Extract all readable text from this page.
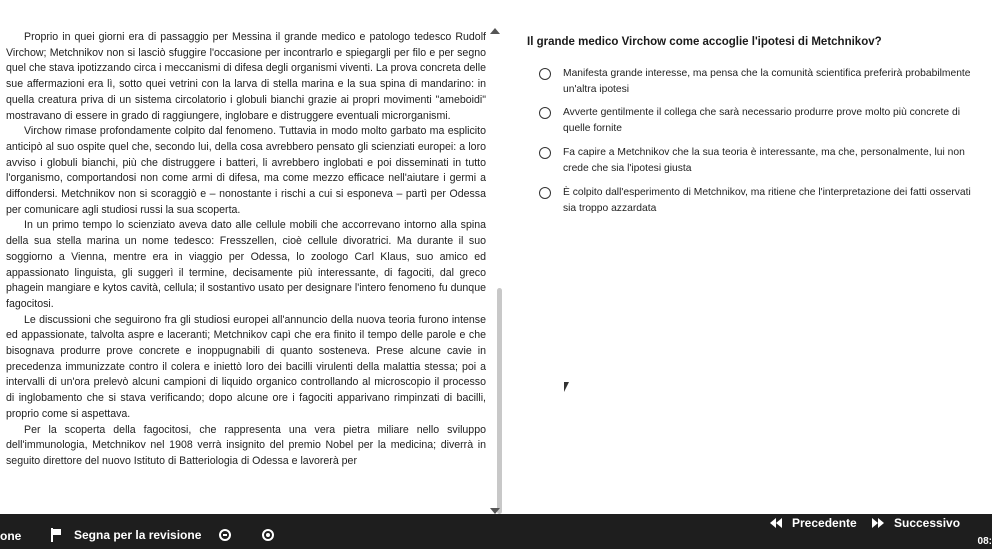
Proprio in quei giorni era di passaggio per Messina il grande medico e patologo tedesco Rudolf Virchow; Metchnikov non si lasciò sfuggire l'occasione per incontrarlo e spiegargli per filo e per segno quel che stava ipotizzando circa i meccanismi di difesa degli organismi viventi. La prova concreta delle sue affermazioni era lì, sotto quei vetrini con la larva di stella marina e la sua spina di mandarino: in quella creatura priva di un sistema circolatorio i globuli bianchi grazie ai propri movimenti "ameboidi" mostravano di essere in grado di raggiungere, inglobare e distruggere eventuali microrganismi.

Virchow rimase profondamente colpito dal fenomeno. Tuttavia in modo molto garbato ma esplicito anticipò al suo ospite quel che, secondo lui, della cosa avrebbero pensato gli scienziati europei: a loro avviso i globuli bianchi, più che distruggere i batteri, li avrebbero inglobati e poi disseminati in tutto l'organismo, comportandosi non come armi di difesa, ma come mezzo efficace nell'aiutare i germi a diffondersi. Metchnikov non si scoraggiò e – nonostante i rischi a cui si esponeva – partì per Odessa per comunicare agli studiosi russi la sua scoperta.

In un primo tempo lo scienziato aveva dato alle cellule mobili che accorrevano intorno alla spina della sua stella marina un nome tedesco: Fresszellen, cioè cellule divoratrici. Ma durante il suo soggiorno a Vienna, mentre era in viaggio per Odessa, lo zoologo Carl Klaus, suo amico ed appassionato linguista, gli suggerì il termine, decisamente più interessante, di fagociti, dal greco phagein mangiare e kytos cavità, cellula; il sostantivo usato per designare l'intero fenomeno fu dunque fagocitosi.

Le discussioni che seguirono fra gli studiosi europei all'annuncio della nuova teoria furono intense ed appassionate, talvolta aspre e laceranti; Metchnikov capì che era finito il tempo delle parole e che bisognava produrre prove concrete e inoppugnabili di quanto sosteneva. Prese alcune cavie in precedenza immunizzate contro il colera e iniettò loro dei bacilli virulenti della malattia stessa; poi a intervalli di un'ora prelevò alcuni campioni di liquido organico controllando al microscopio il processo di inglobamento che si stava verificando; dopo alcune ore i fagociti apparivano rimpinzati di bacilli, proprio come si aspettava.

Per la scoperta della fagocitosi, che rappresenta una vera pietra miliare nello sviluppo dell'immunologia, Metchnikov nel 1908 verrà insignito del premio Nobel per la medicina; diverrà in seguito direttore del nuovo Istituto di Batteriologia di Odessa e lavorerà per

Il grande medico Virchow come accoglie l'ipotesi di Metchnikov?
Manifesta grande interesse, ma pensa che la comunità scientifica preferirà probabilmente un'altra ipotesi
Avverte gentilmente il collega che sarà necessario produrre prove molto più concrete di quelle fornite
Fa capire a Metchnikov che la sua teoria è interessante, ma che, personalmente, lui non crede che sia l'ipotesi giusta
È colpito dall'esperimento di Metchnikov, ma ritiene che l'interpretazione dei fatti osservati sia troppo azzardata
one	Segna per la revisione
Precedente	Successivo
08:
